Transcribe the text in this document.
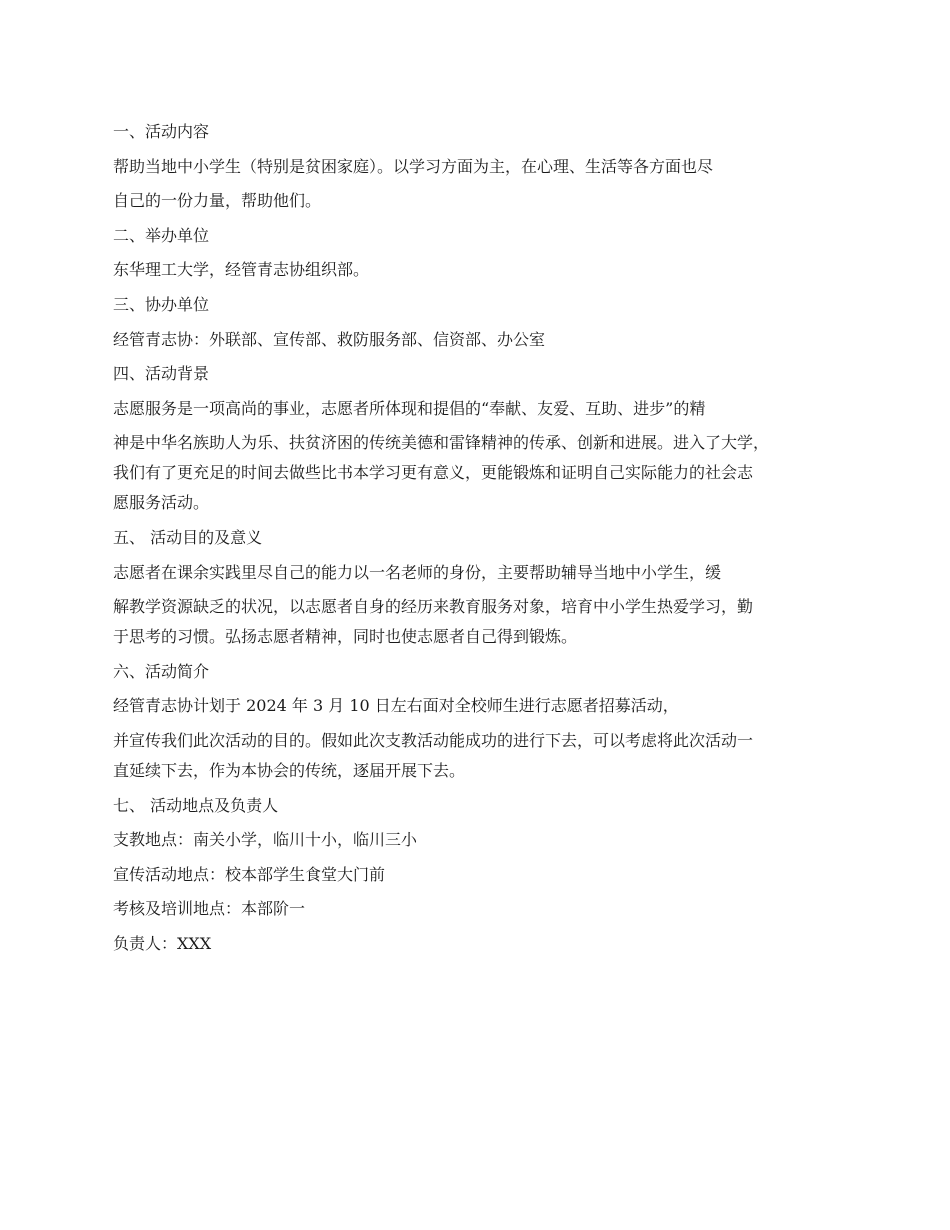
一、活动内容

帮助当地中小学生（特别是贫困家庭）。以学习方面为主，在心理、生活等各方面也尽

自己的一份力量，帮助他们。

二、举办单位

东华理工大学，经管青志协组织部。

三、协办单位

经管青志协：外联部、宣传部、救防服务部、信资部、办公室

四、活动背景

志愿服务是一项高尚的事业，志愿者所体现和提倡的“奉献、友爱、互助、进步”的精

神是中华名族助人为乐、扶贫济困的传统美德和雷锋精神的传承、创新和进展。进入了大学，

我们有了更充足的时间去做些比书本学习更有意义，更能锻炼和证明自己实际能力的社会志

愿服务活动。

五、 活动目的及意义

志愿者在课余实践里尽自己的能力以一名老师的身份，主要帮助辅导当地中小学生，缓

解教学资源缺乏的状况，以志愿者自身的经历来教育服务对象，培育中小学生热爱学习，勤

于思考的习惯。弘扬志愿者精神，同时也使志愿者自己得到锻炼。

六、活动简介

经管青志协计划于 2024 年 3 月 10 日左右面对全校师生进行志愿者招募活动，

并宣传我们此次活动的目的。假如此次支教活动能成功的进行下去，可以考虑将此次活动一

直延续下去，作为本协会的传统，逐届开展下去。

七、 活动地点及负责人

支教地点：南关小学，临川十小，临川三小

宣传活动地点：校本部学生食堂大门前

考核及培训地点：本部阶一

负责人：XXX
